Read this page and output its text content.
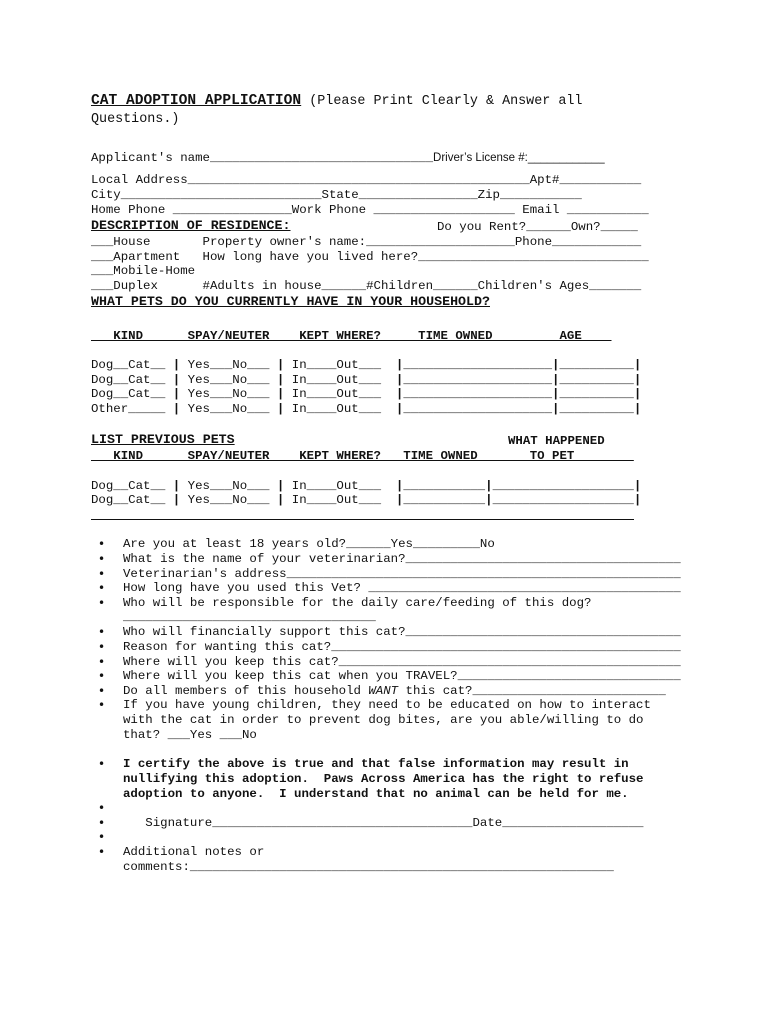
CAT ADOPTION APPLICATION (Please Print Clearly & Answer all
Questions.)
Applicant's name______________________________Driver’s License #:____________
Local Address______________________________________________Apt#___________
City___________________________State________________Zip___________
Home Phone ________________Work Phone ___________________ Email ___________
DESCRIPTION OF RESIDENCE:	Do you Rent?______Own?_____
___House       Property owner's name:____________________Phone____________
___Apartment   How long have you lived here?_______________________________
___Mobile-Home
___Duplex      #Adults in house______#Children______Children's Ages_______
WHAT PETS DO YOU CURRENTLY HAVE IN YOUR HOUSEHOLD?
KIND      SPAY/NEUTER    KEPT WHERE?     TIME OWNED         AGE
Dog__Cat__ | Yes___No___ | In____Out___  |____________________|__________|
Dog__Cat__ | Yes___No___ | In____Out___  |____________________|__________|
Dog__Cat__ | Yes___No___ | In____Out___  |____________________|__________|
Other_____ | Yes___No___ | In____Out___  |____________________|__________|
LIST PREVIOUS PETS	WHAT HAPPENED
KIND      SPAY/NEUTER    KEPT WHERE?   TIME OWNED       TO PET
Dog__Cat__ | Yes___No___ | In____Out___  |___________|___________________|
Dog__Cat__ | Yes___No___ | In____Out___  |___________|___________________|
• Are you at least 18 years old?______Yes_________No
• What is the name of your veterinarian?_____________________________________
• Veterinarian's address_____________________________________________________
• How long have you used this Vet? __________________________________________
• Who will be responsible for the daily care/feeding of this dog?
__________________________________
• Who will financially support this cat?_____________________________________
• Reason for wanting this cat?_______________________________________________
• Where will you keep this cat?______________________________________________
• Where will you keep this cat when you TRAVEL?______________________________
• Do all members of this household WANT this cat?__________________________
• If you have young children, they need to be educated on how to interact
with the cat in order to prevent dog bites, are you able/willing to do
that? ___Yes ___No
• I certify the above is true and that false information may result in
nullifying this adoption.  Paws Across America has the right to refuse
adoption to anyone.  I understand that no animal can be held for me.
•
• Signature___________________________________Date___________________
•
• Additional notes or
comments:_________________________________________________________
